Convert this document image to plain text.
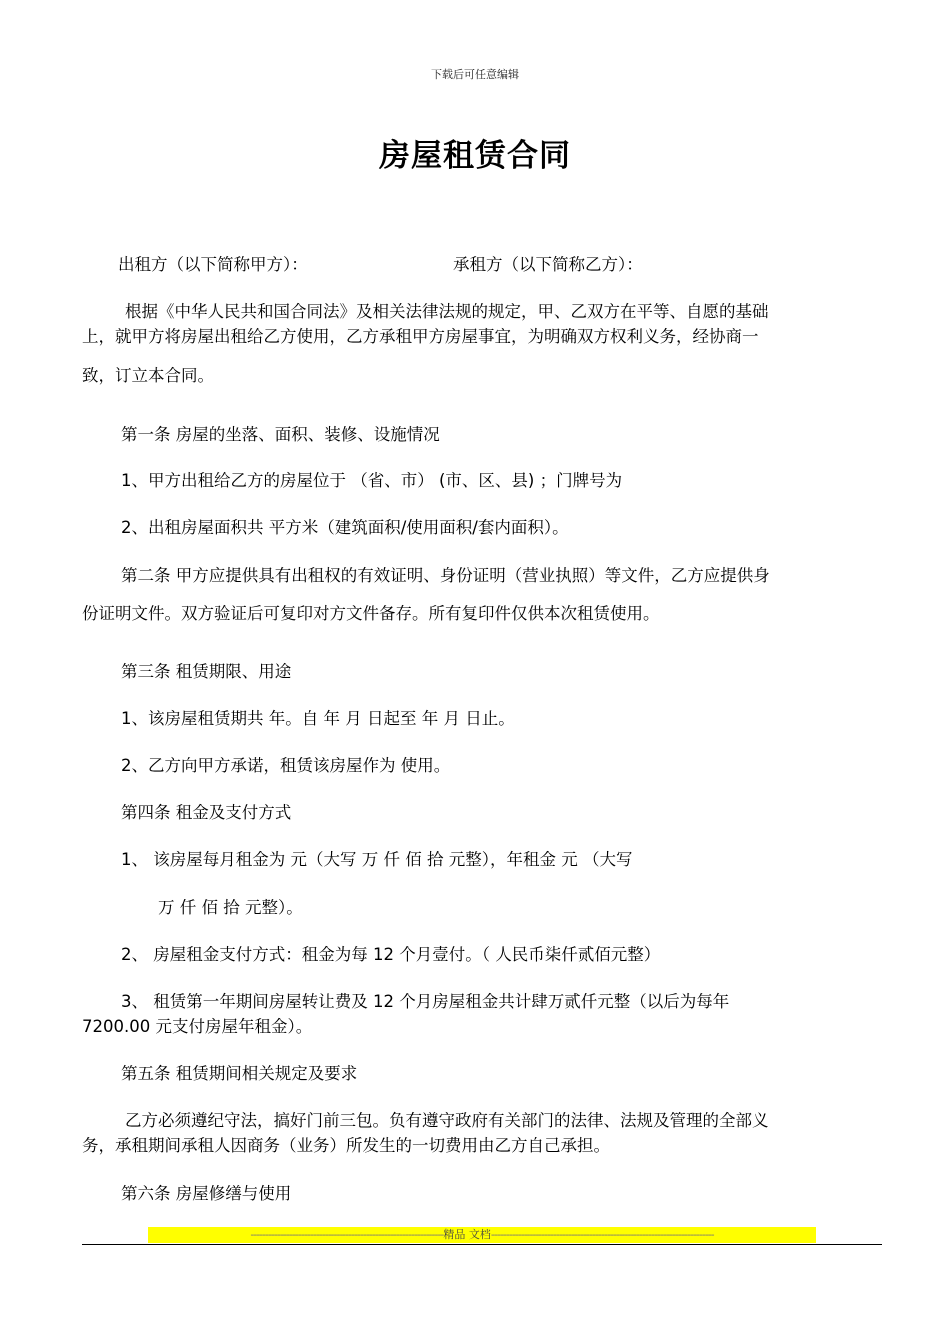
下载后可任意编辑
房屋租赁合同
出租方（以下简称甲方）：	承租方（以下简称乙方）：
根据《中华人民共和国合同法》及相关法律法规的规定，甲、乙双方在平等、自愿的基础
上，就甲方将房屋出租给乙方使用，乙方承租甲方房屋事宜，为明确双方权利义务，经协商一
致，订立本合同。
第一条 房屋的坐落、面积、装修、设施情况
1、甲方出租给乙方的房屋位于 （省、市） (市、区、县) ；门牌号为
2、出租房屋面积共 平方米（建筑面积/使用面积/套内面积）。
第二条 甲方应提供具有出租权的有效证明、身份证明（营业执照）等文件，乙方应提供身
份证明文件。双方验证后可复印对方文件备存。所有复印件仅供本次租赁使用。
第三条 租赁期限、用途
1、该房屋租赁期共 年。自 年 月 日起至 年 月 日止。
2、乙方向甲方承诺，租赁该房屋作为 使用。
第四条 租金及支付方式
1、 该房屋每月租金为 元（大写 万 仟 佰 拾 元整），年租金 元 （大写
万 仟 佰 拾 元整）。
2、 房屋租金支付方式：租金为每 12 个月壹付。（ 人民币柒仟贰佰元整）
3、 租赁第一年期间房屋转让费及 12 个月房屋租金共计肆万贰仟元整（以后为每年
7200.00 元支付房屋年租金）。
第五条 租赁期间相关规定及要求
乙方必须遵纪守法，搞好门前三包。负有遵守政府有关部门的法律、法规及管理的全部义
务，承租期间承租人因商务（业务）所发生的一切费用由乙方自己承担。
第六条 房屋修缮与使用
-----------------------------------------------------------------精品 文档---------------------------------------------------------------------------
